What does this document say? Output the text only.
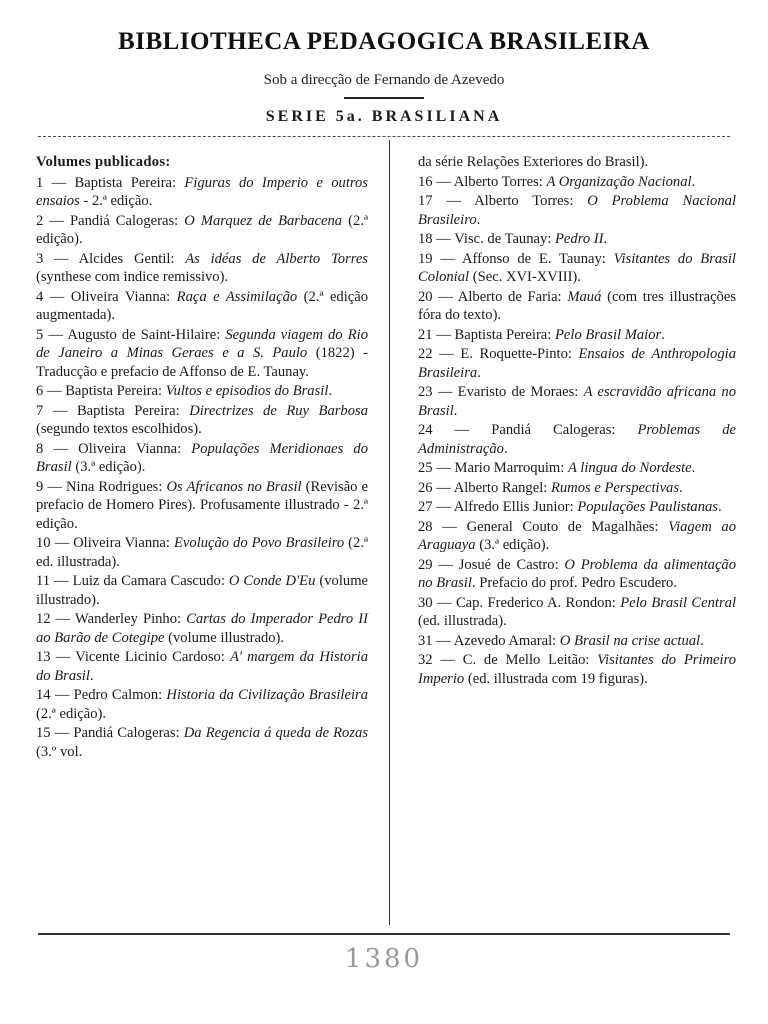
BIBLIOTHECA PEDAGOGICA BRASILEIRA
Sob a direcção de Fernando de Azevedo
SERIE 5a. BRASILIANA
Volumes publicados:
1 — Baptista Pereira: Figuras do Imperio e outros ensaios - 2.ª edição.
2 — Pandiá Calogeras: O Marquez de Barbacena (2.ª edição).
3 — Alcides Gentil: As idéas de Alberto Torres (synthese com indice remissivo).
4 — Oliveira Vianna: Raça e Assimilação (2.ª edição augmentada).
5 — Augusto de Saint-Hilaire: Segunda viagem do Rio de Janeiro a Minas Geraes e a S. Paulo (1822) - Traducção e prefacio de Affonso de E. Taunay.
6 — Baptista Pereira: Vultos e episodios do Brasil.
7 — Baptista Pereira: Directrizes de Ruy Barbosa (segundo textos escolhidos).
8 — Oliveira Vianna: Populações Meridionaes do Brasil (3.ª edição).
9 — Nina Rodrigues: Os Africanos no Brasil (Revisão e prefacio de Homero Pires). Profusamente illustrado - 2.ª edição.
10 — Oliveira Vianna: Evolução do Povo Brasileiro (2.ª ed. illustrada).
11 — Luiz da Camara Cascudo: O Conde D'Eu (volume illustrado).
12 — Wanderley Pinho: Cartas do Imperador Pedro II ao Barão de Cotegipe (volume illustrado).
13 — Vicente Licinio Cardoso: A' margem da Historia do Brasil.
14 — Pedro Calmon: Historia da Civilização Brasileira (2.ª edição).
15 — Pandiá Calogeras: Da Regencia á queda de Rozas (3.º vol.
da série Relações Exteriores do Brasil).
16 — Alberto Torres: A Organização Nacional.
17 — Alberto Torres: O Problema Nacional Brasileiro.
18 — Visc. de Taunay: Pedro II.
19 — Affonso de E. Taunay: Visitantes do Brasil Colonial (Sec. XVI-XVIII).
20 — Alberto de Faria: Mauá (com tres illustrações fóra do texto).
21 — Baptista Pereira: Pelo Brasil Maior.
22 — E. Roquette-Pinto: Ensaios de Anthropologia Brasileira.
23 — Evaristo de Moraes: A escravidão africana no Brasil.
24 — Pandiá Calogeras: Problemas de Administração.
25 — Mario Marroquim: A lingua do Nordeste.
26 — Alberto Rangel: Rumos e Perspectivas.
27 — Alfredo Ellis Junior: Populações Paulistanas.
28 — General Couto de Magalhães: Viagem ao Araguaya (3.ª edição).
29 — Josué de Castro: O Problema da alimentação no Brasil. Prefacio do prof. Pedro Escudero.
30 — Cap. Frederico A. Rondon: Pelo Brasil Central (ed. illustrada).
31 — Azevedo Amaral: O Brasil na crise actual.
32 — C. de Mello Leitão: Visitantes do Primeiro Imperio (ed. illustrada com 19 figuras).
1380
